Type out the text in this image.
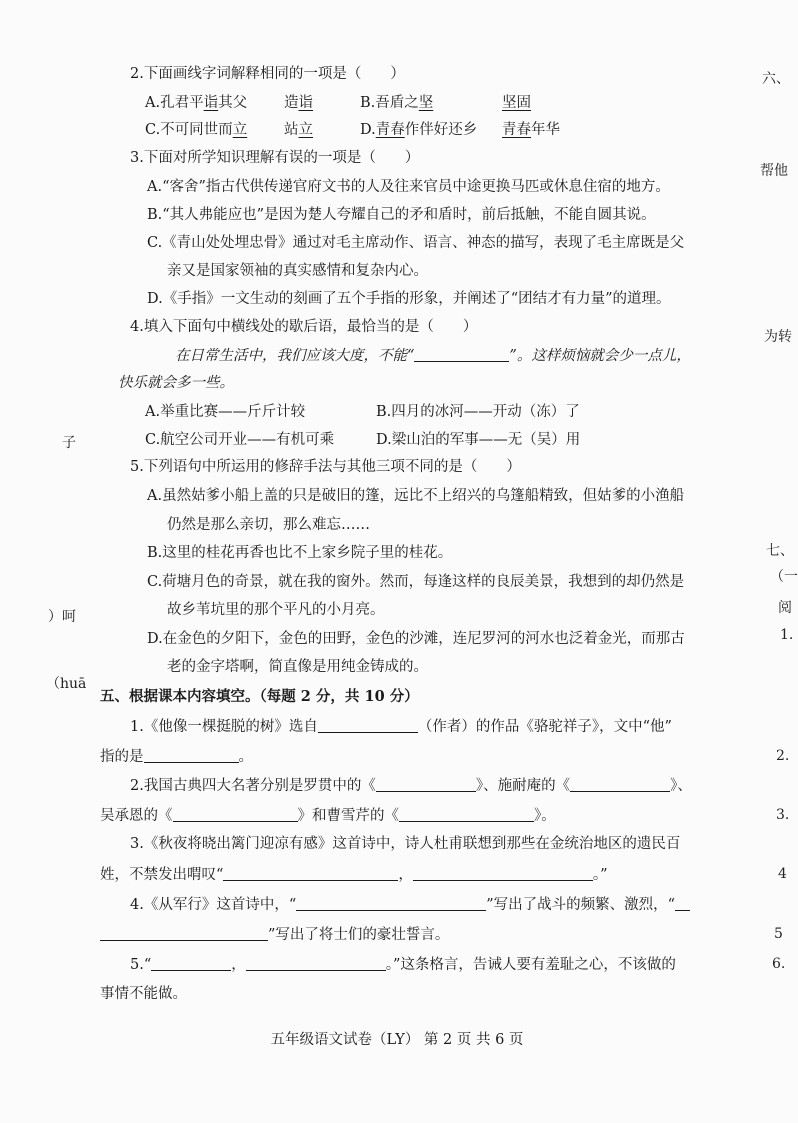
2.下面画线字词解释相同的一项是（　　）
A.孔君平诣其父	造诣	B.吾盾之坚	坚固
C.不可同世而立	站立	D.青春作伴好还乡 青春年华
3.下面对所学知识理解有误的一项是（　　）
A.“客舍”指古代供传递官府文书的人及往来官员中途更换马匹或休息住宿的地方。
B.“其人弗能应也”是因为楚人夸耀自己的矛和盾时，前后抵触，不能自圆其说。
C.《青山处处埋忠骨》通过对毛主席动作、语言、神态的描写，表现了毛主席既是父
亲又是国家领袖的真实感情和复杂内心。
D.《手指》一文生动的刻画了五个手指的形象，并阐述了“团结才有力量”的道理。
4.填入下面句中横线处的歇后语，最恰当的是（　　）
在日常生活中，我们应该大度，不能“	”。这样烦恼就会少一点儿，
快乐就会多一些。
A.举重比赛——斤斤计较	B.四月的冰河——开动（冻）了
C.航空公司开业——有机可乘	D.梁山泊的军事——无（吴）用
5.下列语句中所运用的修辞手法与其他三项不同的是（　　）
A.虽然姑爹小船上盖的只是破旧的篷，远比不上绍兴的乌篷船精致，但姑爹的小渔船
仍然是那么亲切，那么难忘……
B.这里的桂花再香也比不上家乡院子里的桂花。
C.荷塘月色的奇景，就在我的窗外。然而，每逢这样的良辰美景，我想到的却仍然是
故乡苇坑里的那个平凡的小月亮。
D.在金色的夕阳下，金色的田野，金色的沙滩，连尼罗河的河水也泛着金光，而那古
老的金字塔啊，简直像是用纯金铸成的。
五、根据课本内容填空。（每题 2 分，共 10 分）
1.《他像一棵挺脱的树》选自	（作者）的作品《骆驼祥子》，文中“他”
指的是	。
2.我国古典四大名著分别是罗贯中的《	》、施耐庵的《	》、
吴承恩的《	》和曹雪芹的《	》。
3.《秋夜将晓出篱门迎凉有感》这首诗中，诗人杜甫联想到那些在金统治地区的遗民百
姓，不禁发出喟叹“	，	。”
4.《从军行》这首诗中，“	”写出了战斗的频繁、激烈，“
”写出了将士们的豪壮誓言。
5.“	，	。”这条格言，告诫人要有羞耻之心，不该做的
事情不能做。
五年级语文试卷（LY） 第 2 页 共 6 页
六、
帮他
为转
七、
（一
阅
1.
2.
3.
4
5
6.
子
）呵
（huā
